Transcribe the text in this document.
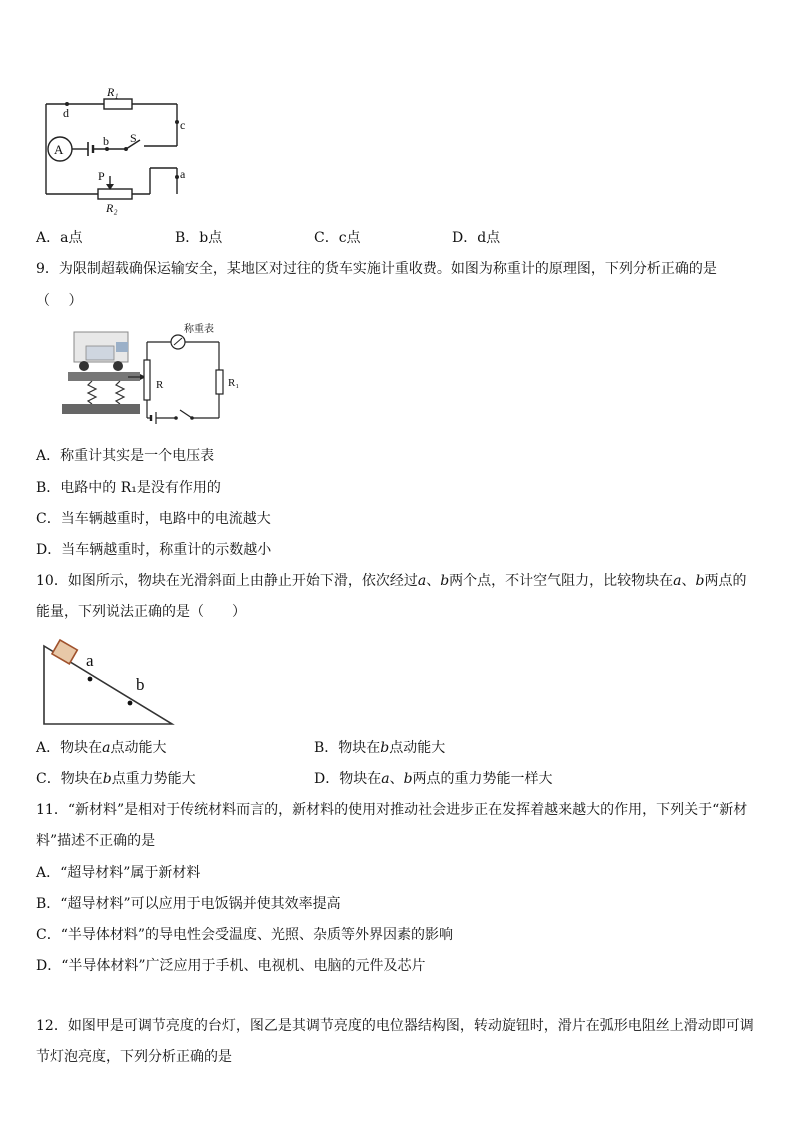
R₁
A
d
b S
c
a
P
R₂
A．a点	B．b点	C．c点	D．d点
9．为限制超载确保运输安全，某地区对过往的货车实施计重收费。如图为称重计的原理图，下列分析正确的是
（　 ）
称重表
R	R₁
A．称重计其实是一个电压表
B．电路中的 R₁是没有作用的
C．当车辆越重时，电路中的电流越大
D．当车辆越重时，称重计的示数越小
10．如图所示，物块在光滑斜面上由静止开始下滑，依次经过a、b两个点，不计空气阻力，比较物块在a、b两点的
能量，下列说法正确的是（　　）
a
b
A．物块在a点动能大	B．物块在b点动能大
C．物块在b点重力势能大	D．物块在a、b两点的重力势能一样大
11．“新材料”是相对于传统材料而言的，新材料的使用对推动社会进步正在发挥着越来越大的作用，下列关于“新材
料”描述不正确的是
A．“超导材料”属于新材料
B．“超导材料”可以应用于电饭锅并使其效率提高
C．“半导体材料”的导电性会受温度、光照、杂质等外界因素的影响
D．“半导体材料”广泛应用于手机、电视机、电脑的元件及芯片
12．如图甲是可调节亮度的台灯，图乙是其调节亮度的电位器结构图，转动旋钮时，滑片在弧形电阻丝上滑动即可调
节灯泡亮度，下列分析正确的是
